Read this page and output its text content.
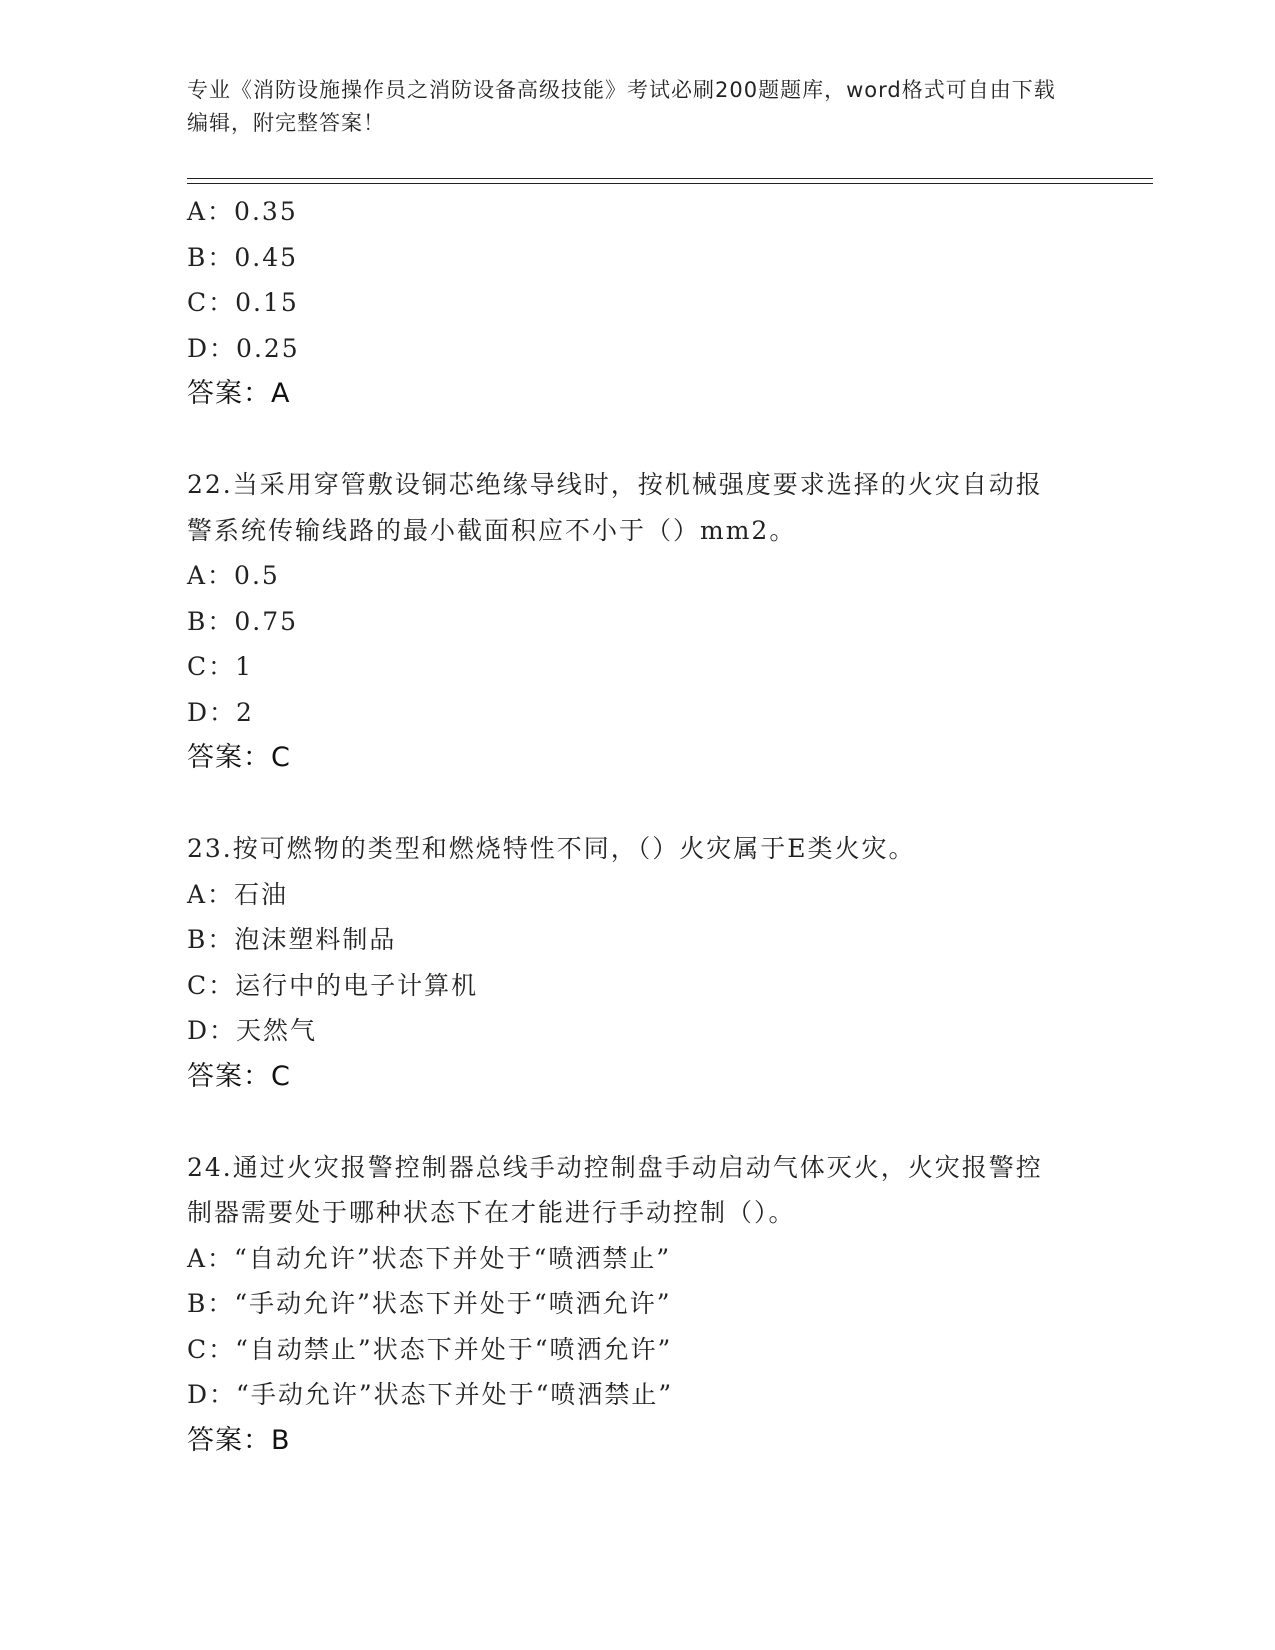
专业《消防设施操作员之消防设备高级技能》考试必刷200题题库，word格式可自由下载编辑，附完整答案！
A：0.35
B：0.45
C：0.15
D：0.25
答案：A
22.当采用穿管敷设铜芯绝缘导线时，按机械强度要求选择的火灾自动报警系统传输线路的最小截面积应不小于（）mm2。
A：0.5
B：0.75
C：1
D：2
答案：C
23.按可燃物的类型和燃烧特性不同，（）火灾属于E类火灾。
A：石油
B：泡沫塑料制品
C：运行中的电子计算机
D：天然气
答案：C
24.通过火灾报警控制器总线手动控制盘手动启动气体灭火，火灾报警控制器需要处于哪种状态下在才能进行手动控制（）。
A：“自动允许”状态下并处于“喷洒禁止”
B：“手动允许”状态下并处于“喷洒允许”
C：“自动禁止”状态下并处于“喷洒允许”
D：“手动允许”状态下并处于“喷洒禁止”
答案：B
